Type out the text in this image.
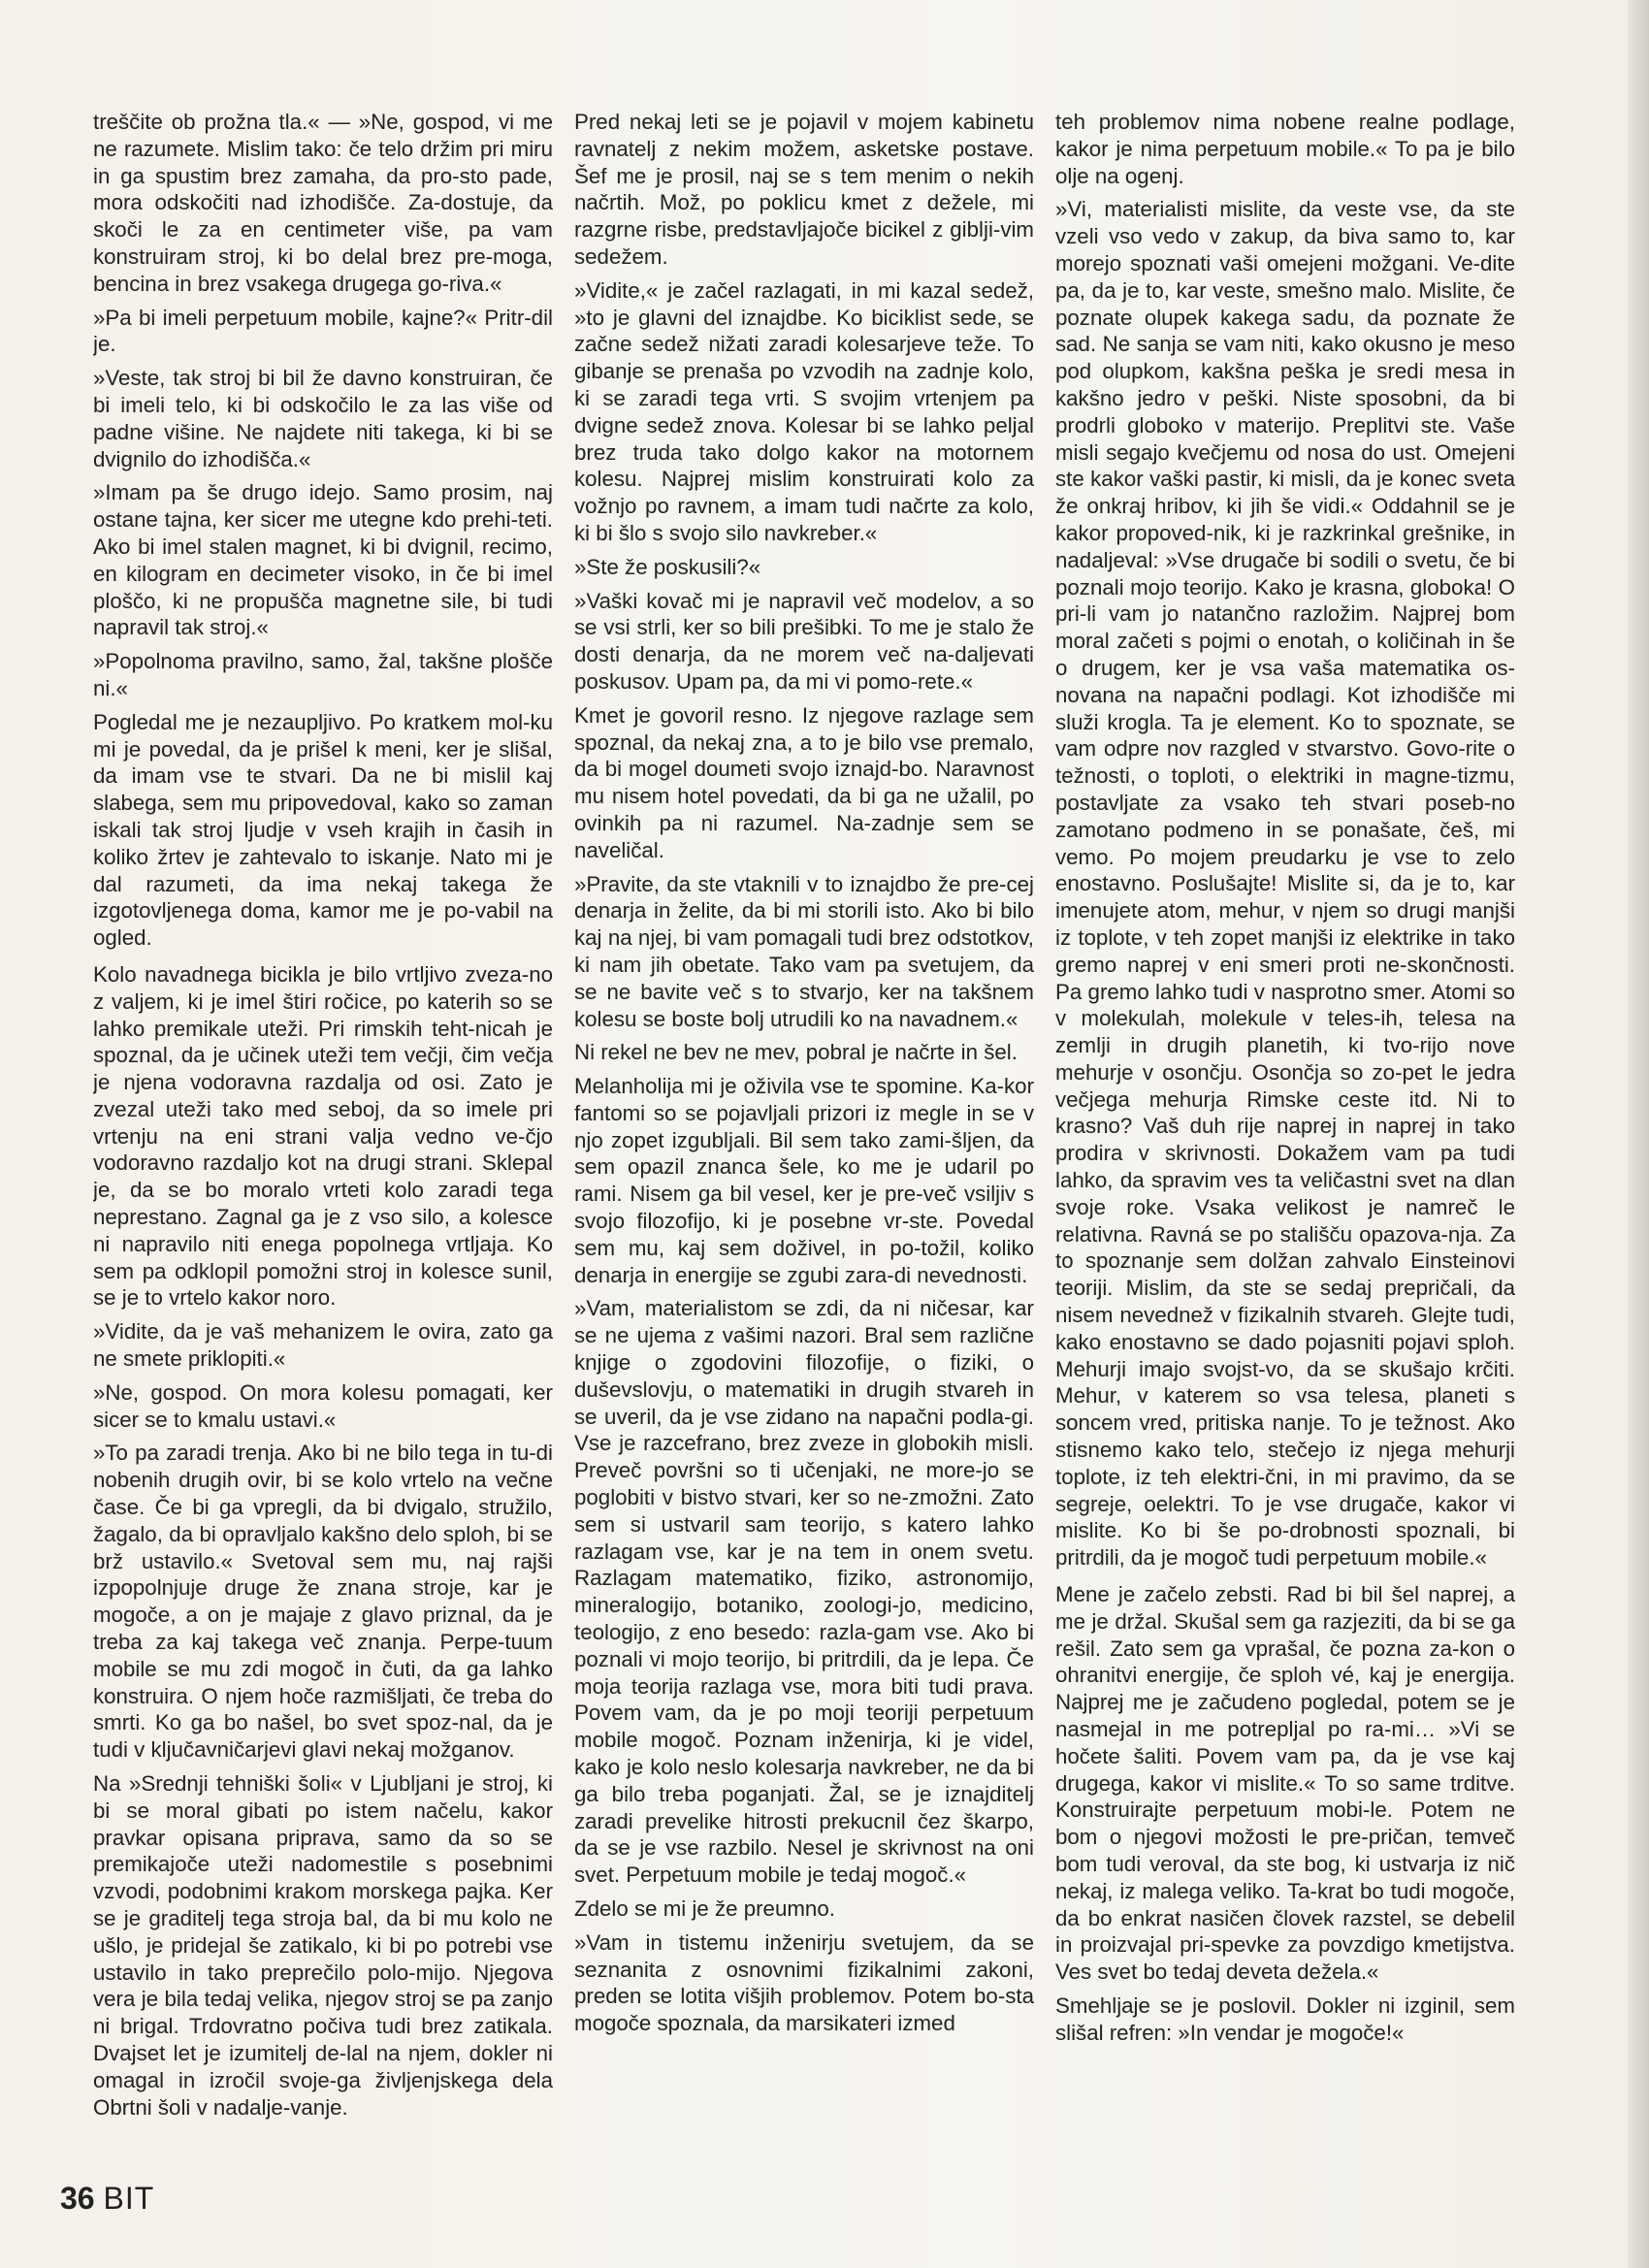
treščite ob prožna tla.« — »Ne, gospod, vi me ne razumete. Mislim tako: če telo držim pri miru in ga spustim brez zamaha, da pro-sto pade, mora odskočiti nad izhodišče. Za-dostuje, da skoči le za en centimeter više, pa vam konstruiram stroj, ki bo delal brez pre-moga, bencina in brez vsakega drugega go-riva.«

»Pa bi imeli perpetuum mobile, kajne?« Pritr-dil je.

»Veste, tak stroj bi bil že davno konstruiran, če bi imeli telo, ki bi odskočilo le za las više od padne višine. Ne najdete niti takega, ki bi se dvignilo do izhodišča.«

»Imam pa še drugo idejo. Samo prosim, naj ostane tajna, ker sicer me utegne kdo prehi-teti. Ako bi imel stalen magnet, ki bi dvignil, recimo, en kilogram en decimeter visoko, in če bi imel ploščo, ki ne propušča magnetne sile, bi tudi napravil tak stroj.«

»Popolnoma pravilno, samo, žal, takšne plošče ni.«

Pogledal me je nezaupljivo. Po kratkem mol-ku mi je povedal, da je prišel k meni, ker je slišal, da imam vse te stvari. Da ne bi mislil kaj slabega, sem mu pripovedoval, kako so zaman iskali tak stroj ljudje v vseh krajih in časih in koliko žrtev je zahtevalo to iskanje. Nato mi je dal razumeti, da ima nekaj takega že izgotovljenega doma, kamor me je po-vabil na ogled.

Kolo navadnega bicikla je bilo vrtljivo zveza-no z valjem, ki je imel štiri ročice, po katerih so se lahko premikale uteži. Pri rimskih teht-nicah je spoznal, da je učinek uteži tem večji, čim večja je njena vodoravna razdalja od osi. Zato je zvezal uteži tako med seboj, da so imele pri vrtenju na eni strani valja vedno ve-čjo vodoravno razdaljo kot na drugi strani. Sklepal je, da se bo moralo vrteti kolo zaradi tega neprestano. Zagnal ga je z vso silo, a kolesce ni napravilo niti enega popolnega vrtljaja. Ko sem pa odklopil pomožni stroj in kolesce sunil, se je to vrtelo kakor noro.

»Vidite, da je vaš mehanizem le ovira, zato ga ne smete priklopiti.«

»Ne, gospod. On mora kolesu pomagati, ker sicer se to kmalu ustavi.«

»To pa zaradi trenja. Ako bi ne bilo tega in tu-di nobenih drugih ovir, bi se kolo vrtelo na večne čase. Če bi ga vpregli, da bi dvigalo, stružilo, žagalo, da bi opravljalo kakšno delo sploh, bi se brž ustavilo.« Svetoval sem mu, naj rajši izpopolnjuje druge že znana stroje, kar je mogoče, a on je majaje z glavo priznal, da je treba za kaj takega več znanja. Perpe-tuum mobile se mu zdi mogoč in čuti, da ga lahko konstruira. O njem hoče razmišljati, če treba do smrti. Ko ga bo našel, bo svet spoz-nal, da je tudi v ključavničarjevi glavi nekaj možganov.

Na »Srednji tehniški šoli« v Ljubljani je stroj, ki bi se moral gibati po istem načelu, kakor pravkar opisana priprava, samo da so se premikajoče uteži nadomestile s posebnimi vzvodi, podobnimi krakom morskega pajka. Ker se je graditelj tega stroja bal, da bi mu kolo ne ušlo, je pridejal še zatikalo, ki bi po potrebi vse ustavilo in tako preprečilo polo-mijo. Njegova vera je bila tedaj velika, njegov stroj se pa zanjo ni brigal. Trdovratno počiva tudi brez zatikala. Dvajset let je izumitelj de-lal na njem, dokler ni omagal in izročil svoje-ga življenjskega dela Obrtni šoli v nadalje-vanje.

Pred nekaj leti se je pojavil v mojem kabinetu ravnatelj z nekim možem, asketske postave. Šef me je prosil, naj se s tem menim o nekih načrtih. Mož, po poklicu kmet z dežele, mi razgrne risbe, predstavljajoče bicikel z giblji-vim sedežem.

»Vidite,« je začel razlagati, in mi kazal sedež, »to je glavni del iznajdbe. Ko biciklist sede, se začne sedež nižati zaradi kolesarjeve teže. To gibanje se prenaša po vzvodih na zadnje kolo, ki se zaradi tega vrti. S svojim vrtenjem pa dvigne sedež znova. Kolesar bi se lahko peljal brez truda tako dolgo kakor na motornem kolesu. Najprej mislim konstruirati kolo za vožnjo po ravnem, a imam tudi načrte za kolo, ki bi šlo s svojo silo navkreber.«

»Ste že poskusili?«

»Vaški kovač mi je napravil več modelov, a so se vsi strli, ker so bili prešibki. To me je stalo že dosti denarja, da ne morem več na-daljevati poskusov. Upam pa, da mi vi pomo-rete.«

Kmet je govoril resno. Iz njegove razlage sem spoznal, da nekaj zna, a to je bilo vse premalo, da bi mogel doumeti svojo iznajd-bo. Naravnost mu nisem hotel povedati, da bi ga ne užalil, po ovinkih pa ni razumel. Na-zadnje sem se naveličal.

»Pravite, da ste vtaknili v to iznajdbo že pre-cej denarja in želite, da bi mi storili isto. Ako bi bilo kaj na njej, bi vam pomagali tudi brez odstotkov, ki nam jih obetate. Tako vam pa svetujem, da se ne bavite več s to stvarjo, ker na takšnem kolesu se boste bolj utrudili ko na navadnem.«

Ni rekel ne bev ne mev, pobral je načrte in šel.

Melanholija mi je oživila vse te spomine. Ka-kor fantomi so se pojavljali prizori iz megle in se v njo zopet izgubljali. Bil sem tako zami-šljen, da sem opazil znanca šele, ko me je udaril po rami. Nisem ga bil vesel, ker je pre-več vsiljiv s svojo filozofijo, ki je posebne vr-ste. Povedal sem mu, kaj sem doživel, in po-tožil, koliko denarja in energije se zgubi zara-di nevednosti.

»Vam, materialistom se zdi, da ni ničesar, kar se ne ujema z vašimi nazori. Bral sem različne knjige o zgodovini filozofije, o fiziki, o duševslovju, o matematiki in drugih stvareh in se uveril, da je vse zidano na napačni podla-gi. Vse je razcefrano, brez zveze in globokih misli. Preveč površni so ti učenjaki, ne more-jo se poglobiti v bistvo stvari, ker so ne-zmožni. Zato sem si ustvaril sam teorijo, s katero lahko razlagam vse, kar je na tem in onem svetu. Razlagam matematiko, fiziko, astronomijo, mineralogijo, botaniko, zoologi-jo, medicino, teologijo, z eno besedo: razla-gam vse. Ako bi poznali vi mojo teorijo, bi pritrdili, da je lepa. Če moja teorija razlaga vse, mora biti tudi prava. Povem vam, da je po moji teoriji perpetuum mobile mogoč. Poznam inženirja, ki je videl, kako je kolo neslo kolesarja navkreber, ne da bi ga bilo treba poganjati. Žal, se je iznajditelj zaradi prevelike hitrosti prekucnil čez škarpo, da se je vse razbilo. Nesel je skrivnost na oni svet. Perpetuum mobile je tedaj mogoč.«

Zdelo se mi je že preumno.

»Vam in tistemu inženirju svetujem, da se seznanita z osnovnimi fizikalnimi zakoni, preden se lotita višjih problemov. Potem bo-sta mogoče spoznala, da marsikateri izmed

teh problemov nima nobene realne podlage, kakor je nima perpetuum mobile.« To pa je bilo olje na ogenj.

»Vi, materialisti mislite, da veste vse, da ste vzeli vso vedo v zakup, da biva samo to, kar morejo spoznati vaši omejeni možgani. Ve-dite pa, da je to, kar veste, smešno malo. Mislite, če poznate olupek kakega sadu, da poznate že sad. Ne sanja se vam niti, kako okusno je meso pod olupkom, kakšna peška je sredi mesa in kakšno jedro v peški. Niste sposobni, da bi prodrli globoko v materijo. Preplitvi ste. Vaše misli segajo kvečjemu od nosa do ust. Omejeni ste kakor vaški pastir, ki misli, da je konec sveta že onkraj hribov, ki jih še vidi.« Oddahnil se je kakor propoved-nik, ki je razkrinkal grešnike, in nadaljeval: »Vse drugače bi sodili o svetu, če bi poznali mojo teorijo. Kako je krasna, globoka! O pri-li vam jo natančno razložim. Najprej bom moral začeti s pojmi o enotah, o količinah in še o drugem, ker je vsa vaša matematika os-novana na napačni podlagi. Kot izhodišče mi služi krogla. Ta je element. Ko to spoznate, se vam odpre nov razgled v stvarstvo. Govo-rite o težnosti, o toploti, o elektriki in magne-tizmu, postavljate za vsako teh stvari poseb-no zamotano podmeno in se ponašate, češ, mi vemo. Po mojem preudarku je vse to zelo enostavno. Poslušajte! Mislite si, da je to, kar imenujete atom, mehur, v njem so drugi manjši iz toplote, v teh zopet manjši iz elektrike in tako gremo naprej v eni smeri proti ne-skončnosti. Pa gremo lahko tudi v nasprotno smer. Atomi so v molekulah, molekule v teles-ih, telesa na zemlji in drugih planetih, ki tvo-rijo nove mehurje v osončju. Osončja so zo-pet le jedra večjega mehurja Rimske ceste itd. Ni to krasno? Vaš duh rije naprej in naprej in tako prodira v skrivnosti. Dokažem vam pa tudi lahko, da spravim ves ta veličastni svet na dlan svoje roke. Vsaka velikost je namreč le relativna. Ravná se po stališču opazova-nja. Za to spoznanje sem dolžan zahvalo Einsteinovi teoriji. Mislim, da ste se sedaj prepričali, da nisem nevednež v fizikalnih stvareh. Glejte tudi, kako enostavno se dado pojasniti pojavi sploh. Mehurji imajo svojst-vo, da se skušajo krčiti. Mehur, v katerem so vsa telesa, planeti s soncem vred, pritiska nanje. To je težnost. Ako stisnemo kako telo, stečejo iz njega mehurji toplote, iz teh elektri-čni, in mi pravimo, da se segreje, oelektri. To je vse drugače, kakor vi mislite. Ko bi še po-drobnosti spoznali, bi pritrdili, da je mogoč tudi perpetuum mobile.«

Mene je začelo zebsti. Rad bi bil šel naprej, a me je držal. Skušal sem ga razjeziti, da bi se ga rešil. Zato sem ga vprašal, če pozna za-kon o ohranitvi energije, če sploh vé, kaj je energija. Najprej me je začudeno pogledal, potem se je nasmejal in me potrepljal po ra-mi… »Vi se hočete šaliti. Povem vam pa, da je vse kaj drugega, kakor vi mislite.« To so same trditve. Konstruirajte perpetuum mobi-le. Potem ne bom o njegovi možosti le pre-pričan, temveč bom tudi veroval, da ste bog, ki ustvarja iz nič nekaj, iz malega veliko. Ta-krat bo tudi mogoče, da bo enkrat nasičen človek razstel, se debelil in proizvajal pri-spevke za povzdigo kmetijstva. Ves svet bo tedaj deveta dežela.«

Smehljaje se je poslovil. Dokler ni izginil, sem slišal refren: »In vendar je mogoče!«

36 BIT
